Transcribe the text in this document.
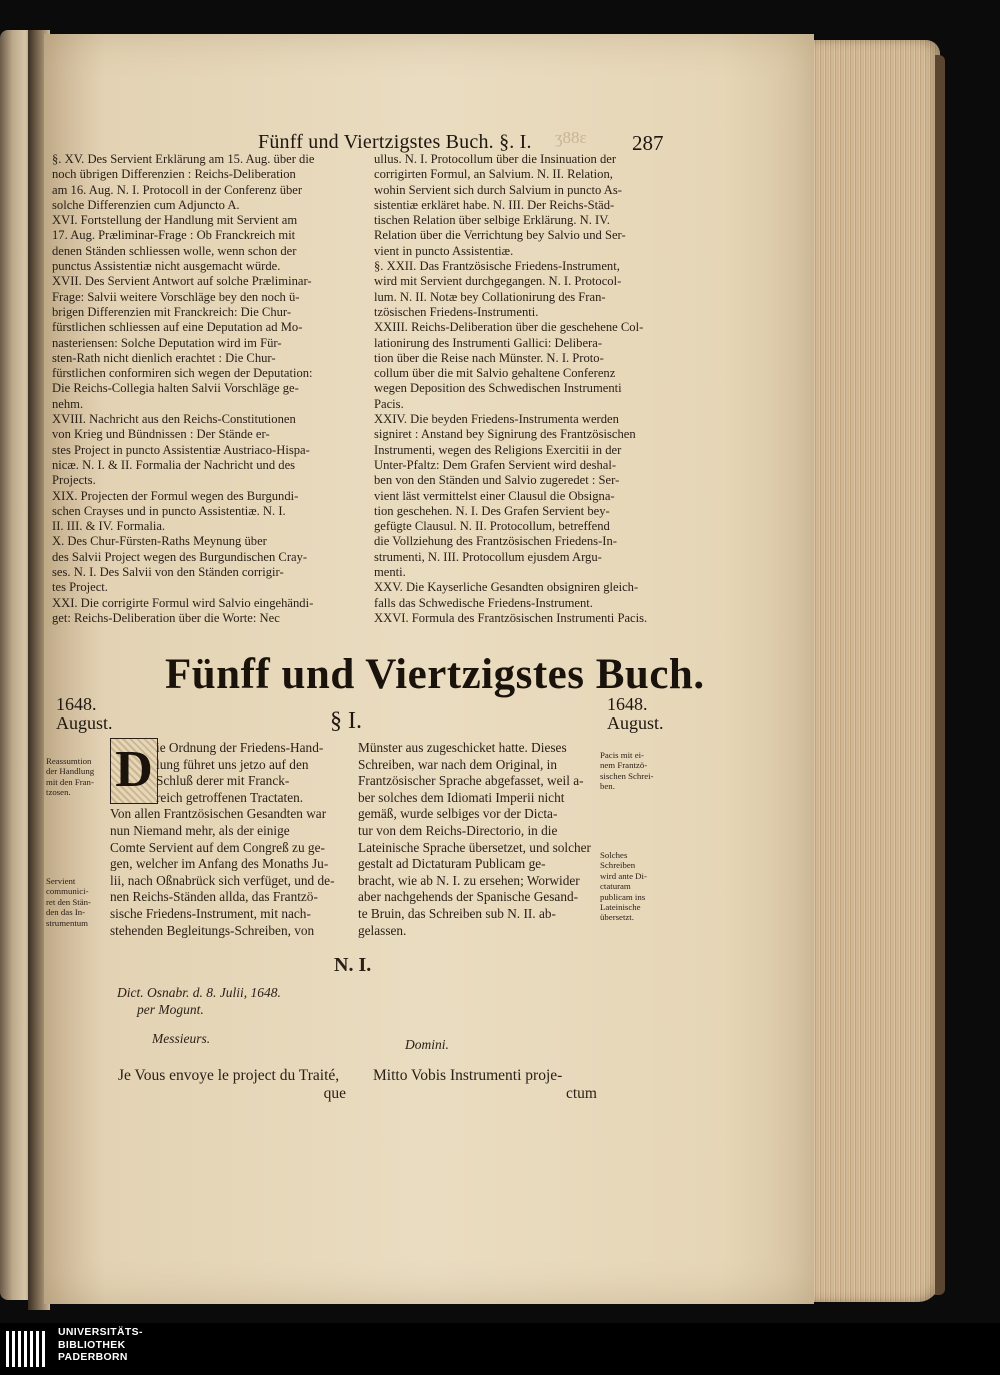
ʒ88ɛ
Fünff und Viertzigstes Buch. §. I.	287
§. XV. Des Servient Erklärung am 15. Aug. über die
noch übrigen Differenzien : Reichs-Deliberation
am 16. Aug. N. I. Protocoll in der Conferenz über
solche Differenzien cum Adjuncto A.
XVI. Fortstellung der Handlung mit Servient am
17. Aug. Præliminar-Frage : Ob Franckreich mit
denen Ständen schliessen wolle, wenn schon der
punctus Assistentiæ nicht ausgemacht würde.
XVII. Des Servient Antwort auf solche Præliminar-
Frage: Salvii weitere Vorschläge bey den noch ü-
brigen Differenzien mit Franckreich: Die Chur-
fürstlichen schliessen auf eine Deputation ad Mo-
nasteriensen: Solche Deputation wird im Für-
sten-Rath nicht dienlich erachtet : Die Chur-
fürstlichen conformiren sich wegen der Deputation:
Die Reichs-Collegia halten Salvii Vorschläge ge-
nehm.
XVIII. Nachricht aus den Reichs-Constitutionen
von Krieg und Bündnissen : Der Stände er-
stes Project in puncto Assistentiæ Austriaco-Hispa-
nicæ. N. I. & II. Formalia der Nachricht und des
Projects.
XIX. Projecten der Formul wegen des Burgundi-
schen Crayses und in puncto Assistentiæ. N. I.
II. III. & IV. Formalia.
X. Des Chur-Fürsten-Raths Meynung über
des Salvii Project wegen des Burgundischen Cray-
ses. N. I. Des Salvii von den Ständen corrigir-
tes Project.
XXI. Die corrigirte Formul wird Salvio eingehändi-
get: Reichs-Deliberation über die Worte: Nec
ullus. N. I. Protocollum über die Insinuation der
corrigirten Formul, an Salvium. N. II. Relation,
wohin Servient sich durch Salvium in puncto As-
sistentiæ erkläret habe. N. III. Der Reichs-Städ-
tischen Relation über selbige Erklärung. N. IV.
Relation über die Verrichtung bey Salvio und Ser-
vient in puncto Assistentiæ.
§. XXII. Das Frantzösische Friedens-Instrument,
wird mit Servient durchgegangen. N. I. Protocol-
lum. N. II. Notæ bey Collationirung des Fran-
tzösischen Friedens-Instrumenti.
XXIII. Reichs-Deliberation über die geschehene Col-
lationirung des Instrumenti Gallici: Delibera-
tion über die Reise nach Münster. N. I. Proto-
collum über die mit Salvio gehaltene Conferenz
wegen Deposition des Schwedischen Instrumenti
Pacis.
XXIV. Die beyden Friedens-Instrumenta werden
signiret : Anstand bey Signirung des Frantzösischen
Instrumenti, wegen des Religions Exercitii in der
Unter-Pfaltz: Dem Grafen Servient wird deshal-
ben von den Ständen und Salvio zugeredet : Ser-
vient läst vermittelst einer Clausul die Obsigna-
tion geschehen. N. I. Des Grafen Servient bey-
gefügte Clausul. N. II. Protocollum, betreffend
die Vollziehung des Frantzösischen Friedens-In-
strumenti, N. III. Protocollum ejusdem Argu-
menti.
XXV. Die Kayserliche Gesandten obsigniren gleich-
falls das Schwedische Friedens-Instrument.
XXVI. Formula des Frantzösischen Instrumenti Pacis.
Fünff und Viertzigstes Buch.
1648.
August.	§ I.
1648.
August.
Reassumtion
der Handlung
mit den Fran-
tzosen.
Servient
communici-
ret den Stän-
den das In-
strumentum
Pacis mit ei-
nem Frantzö-
sischen Schrei-
ben.
Solches
Schreiben
wird ante Di-
ctaturam
publicam ins
Lateinische
übersetzt.
D ie Ordnung der Friedens-Hand-
lung führet uns jetzo auf den
Schluß derer mit Franck-
reich getroffenen Tractaten.
Von allen Frantzösischen Gesandten war
nun Niemand mehr, als der einige
Comte Servient auf dem Congreß zu ge-
gen, welcher im Anfang des Monaths Ju-
lii, nach Oßnabrück sich verfüget, und de-
nen Reichs-Ständen allda, das Frantzö-
sische Friedens-Instrument, mit nach-
stehenden Begleitungs-Schreiben, von
Münster aus zugeschicket hatte. Dieses
Schreiben, war nach dem Original, in
Frantzösischer Sprache abgefasset, weil a-
ber solches dem Idiomati Imperii nicht
gemäß, wurde selbiges vor der Dicta-
tur von dem Reichs-Directorio, in die
Lateinische Sprache übersetzet, und solcher
gestalt ad Dictaturam Publicam ge-
bracht, wie ab N. I. zu ersehen; Worwider
aber nachgehends der Spanische Gesand-
te Bruin, das Schreiben sub N. II. ab-
gelassen.
N. I.
Dict. Osnabr. d. 8. Julii, 1648.
per Mogunt.
Messieurs.	Domini.
Je Vous envoye le project du Traité,
que
Mitto Vobis Instrumenti proje-
ctum
UNIVERSITÄTS-
BIBLIOTHEK
PADERBORN
